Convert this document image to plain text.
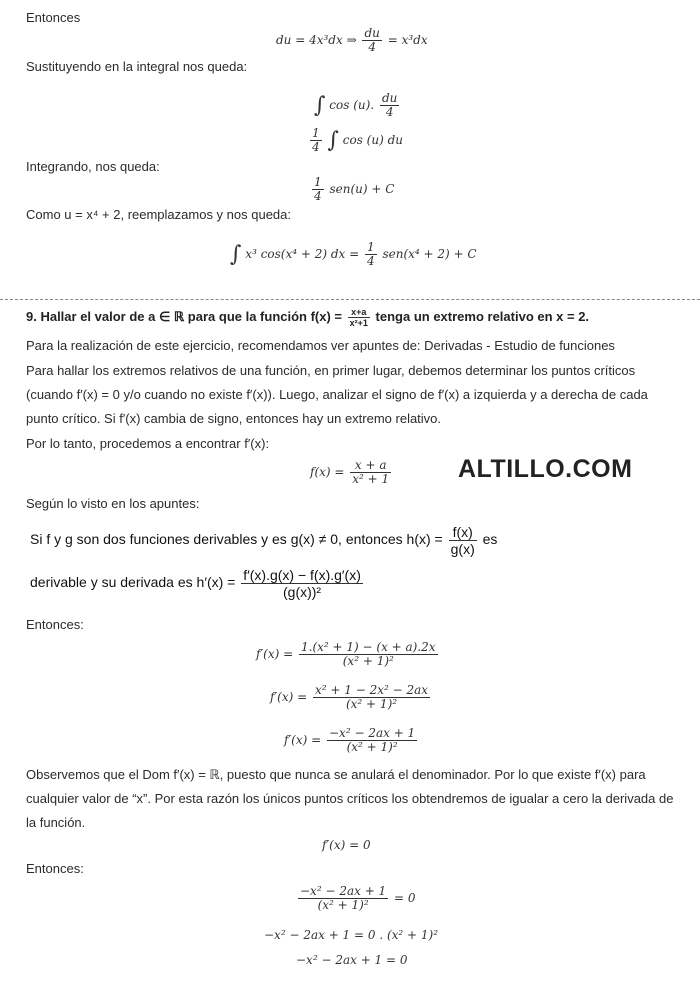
Entonces
du = 4x³dx ⇒ $\frac{du}{4} = x^3dx$
Sustituyendo en la integral nos queda:
∫ cos (u). $\frac{du}{4}$
$\frac{1}{4}$ ∫ cos (u) du
Integrando, nos queda:
$\frac{1}{4} sen(u) + C$
Como u = x⁴ + 2, reemplazamos y nos queda:
∫ x³ cos(x⁴ + 2) dx = $\frac{1}{4} sen(x^4 + 2) + C$
9. Hallar el valor de a ∈ ℝ para que la función $f(x) = \frac{x+a}{\text{x²+1}}$ tenga un extremo relativo en x = 2.
Para la realización de este ejercicio, recomendamos ver apuntes de: Derivadas - Estudio de funciones
Para hallar los extremos relativos de una función, en primer lugar, debemos determinar los puntos críticos (cuando f′(x) = 0 y/o cuando no existe f′(x)). Luego, analizar el signo de f′(x) a izquierda y a derecha de cada punto crítico. Si f′(x) cambia de signo, entonces hay un extremo relativo.
Por lo tanto, procedemos a encontrar f′(x):
$f(x) = \frac{x + a}{\text{x² + 1}}$	ALTILLO.COM
Según lo visto en los apuntes:
Si f y g son dos funciones derivables y es g(x) ≠ 0, entonces $h(x) = \frac{f(x)}{g(x)}$ es
derivable y su derivada es $h'(x) = \frac{f'(x).g(x) - f(x).g'(x)}{\text{(g(x))²}}$
Entonces:
$f'(x) = \frac{\text{1.(x² + 1) − (x + a).2x}}{\text{(x² + 1)²}}$
$f'(x) = \frac{\text{x² + 1 − 2x² − 2ax}}{\text{(x² + 1)²}}$
$f'(x) = \frac{\text{−x² − 2ax + 1}}{\text{(x² + 1)²}}$
Observemos que el Dom f′(x) = ℝ, puesto que nunca se anulará el denominador. Por lo que existe f′(x) para cualquier valor de “x”. Por esta razón los únicos puntos críticos los obtendremos de igualar a cero la derivada de la función.
f′(x) = 0
Entonces:
$\frac{\text{−x² − 2ax + 1}}{\text{(x² + 1)²}} = 0$
−x² − 2ax + 1 = 0 . (x² + 1)²
−x² − 2ax + 1 = 0
